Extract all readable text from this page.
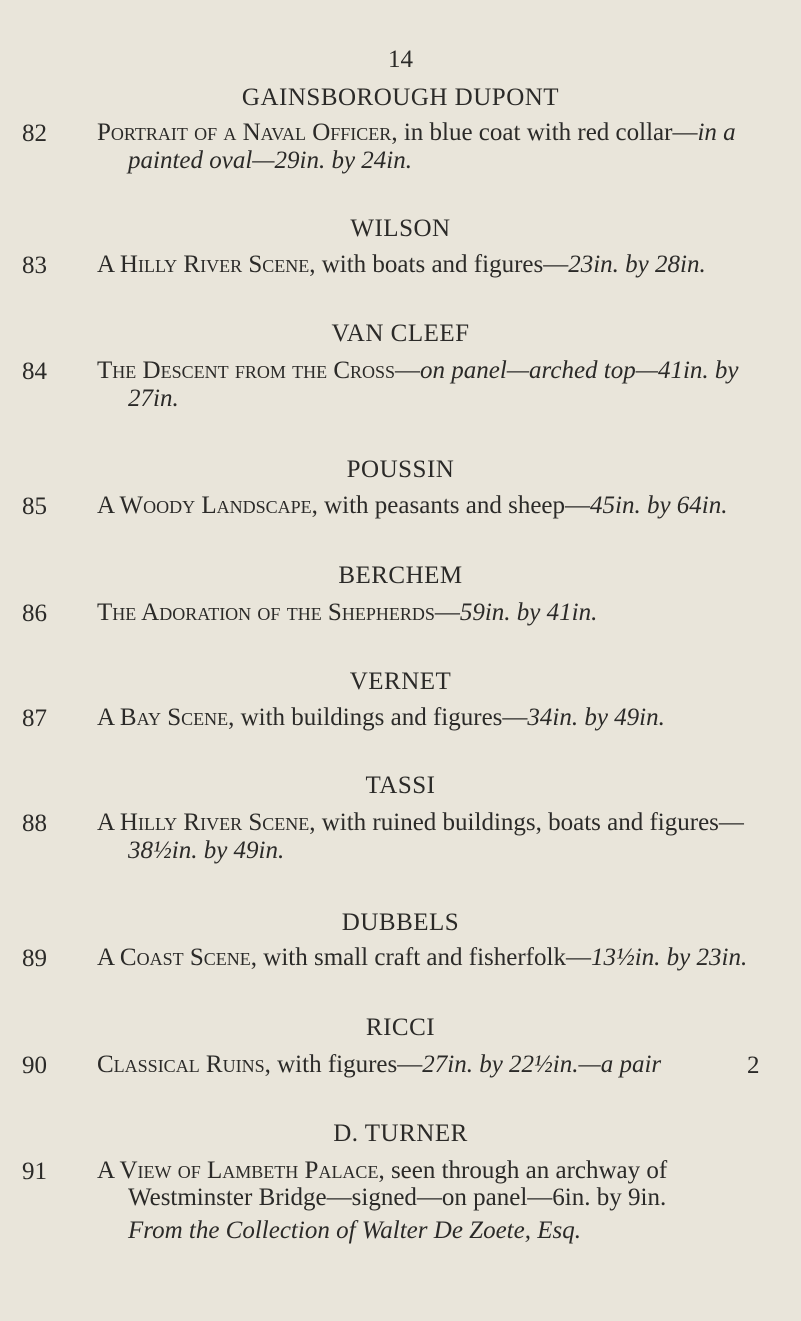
14
GAINSBOROUGH DUPONT
82 Portrait of a Naval Officer, in blue coat with red collar—in a
painted oval—29in. by 24in.
WILSON
83 A Hilly River Scene, with boats and figures—23in. by 28in.
VAN CLEEF
84 The Descent from the Cross—on panel—arched top—41in. by
27in.
POUSSIN
85 A Woody Landscape, with peasants and sheep—45in. by 64in.
BERCHEM
86 The Adoration of the Shepherds—59in. by 41in.
VERNET
87 A Bay Scene, with buildings and figures—34in. by 49in.
TASSI
88 A Hilly River Scene, with ruined buildings, boats and figures—
38½in. by 49in.
DUBBELS
89 A Coast Scene, with small craft and fisherfolk—13½in. by 23in.
RICCI
90 Classical Ruins, with figures—27in. by 22½in.—a pair	2
D. TURNER
91 A View of Lambeth Palace, seen through an archway of
Westminster Bridge—signed—on panel—6in. by 9in.
From the Collection of Walter De Zoete, Esq.
